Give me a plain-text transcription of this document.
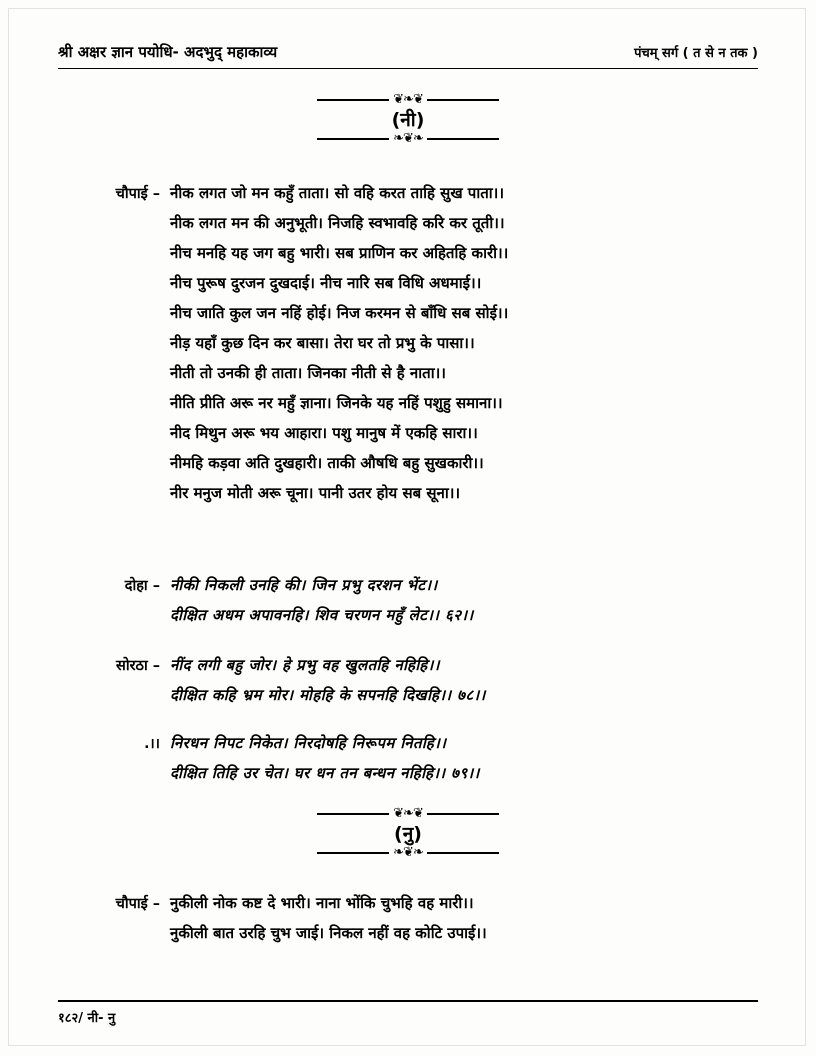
श्री अक्षर ज्ञान पयोधि- अदभुद् महाकाव्य	पंचम् सर्ग ( त से न तक )
❦❧❦
(नी)
❧❦❧
चौपाई – नीक लगत जो मन कहुँ ताता। सो वहि करत ताहि सुख पाता।।
नीक लगत मन की अनुभूती। निजहि स्वभावहि करि कर तूती।।
नीच मनहि यह जग बहु भारी। सब प्राणिन कर अहितहि कारी।।
नीच पुरूष दुरजन दुखदाई। नीच नारि सब विधि अधमाई।।
नीच जाति कुल जन नहिं होई। निज करमन से बाँधि सब सोई।।
नीड़ यहाँ कुछ दिन कर बासा। तेरा घर तो प्रभु के पासा।।
नीती तो उनकी ही ताता। जिनका नीती से है नाता।।
नीति प्रीति अरू नर महुँ ज्ञाना। जिनके यह नहिं पशुहु समाना।।
नीद मिथुन अरू भय आहारा। पशु मानुष में एकहि सारा।।
नीमहि कड़वा अति दुखहारी। ताकी औषधि बहु सुखकारी।।
नीर मनुज मोती अरू चूना। पानी उतर होय सब सूना।।
दोहा – नीकी निकली उनहि की। जिन प्रभु दरशन भेंट।।
दीक्षित अधम अपावनहि। शिव चरणन महुँ लेट।। ६२।।
सोरठा – नींद लगी बहु जोर। हे प्रभु वह खुलतहि नहिहि।।
दीक्षित कहि भ्रम मोर। मोहहि के सपनहि दिखहि।। ७८।।
.।। निरधन निपट निकेत। निरदोषहि निरूपम नितहि।।
दीक्षित तिहि उर चेत। घर धन तन बन्धन नहिहि।। ७९।।
❦❧❦
(नु)
❧❦❧
चौपाई – नुकीली नोक कष्ट दे भारी। नाना भोंकि चुभहि वह मारी।।
नुकीली बात उरहि चुभ जाई। निकल नहीं वह कोटि उपाई।।
१८२/ नी- नु
